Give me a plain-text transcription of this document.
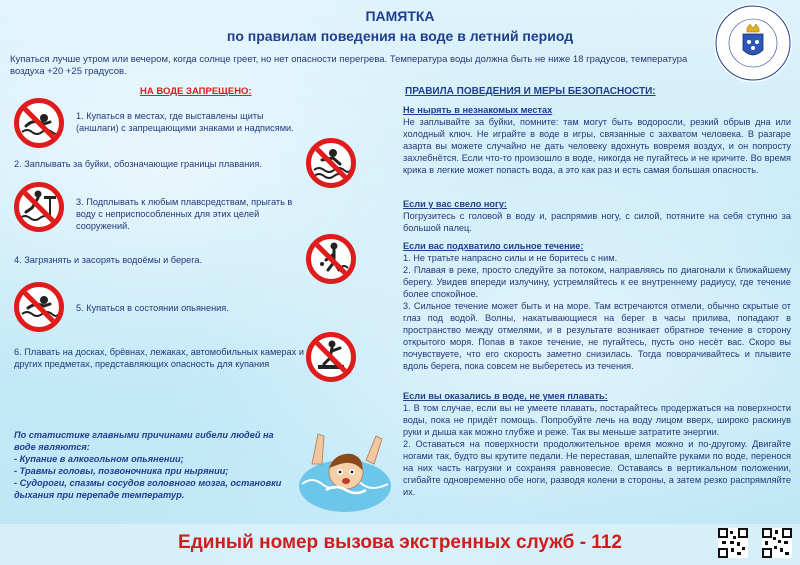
ПАМЯТКА
по правилам поведения на воде в летний период
Купаться лучше утром или вечером, когда солнце греет, но нет опасности перегрева. Температура воды должна быть не ниже 18 градусов, температура воздуха +20 +25 градусов.
НА ВОДЕ ЗАПРЕЩЕНО:
1. Купаться в местах, где выставлены щиты (аншлаги) с запрещающими знаками и надписями.
2. Заплывать за буйки, обозначающие границы плавания.
3. Подплывать к любым плавсредствам, прыгать в воду с неприспособленных для этих целей сооружений.
4. Загрязнять и засорять водоёмы и берега.
5. Купаться в состоянии опьянения.
6. Плавать на досках, брёвнах, лежаках, автомобильных камерах и других предметах, представляющих опасность для купания
По статистике главными причинами гибели людей на воде являются:
- Купание в алкогольном опьянении;
- Травмы головы, позвоночника при нырянии;
- Судороги, спазмы сосудов головного мозга, остановки дыхания при перепаде температур.
ПРАВИЛА ПОВЕДЕНИЯ И МЕРЫ БЕЗОПАСНОСТИ:
Не нырять в незнакомых местах
Не заплывайте за буйки, помните: там могут быть водоросли, резкий обрыв дна или холодный ключ. Не играйте в воде в игры, связанные с захватом человека. В разгаре азарта вы можете случайно не дать человеку вдохнуть вовремя воздух, и он попросту захлебнётся. Если что-то произошло в воде, никогда не пугайтесь и не кричите. Во время крика в легкие может попасть вода, а это как раз и есть самая большая опасность.
Если у вас свело ногу:
Погрузитесь с головой в воду и, распрямив ногу, с силой, потяните на себя ступню за большой палец.
Если вас подхватило сильное течение:
1. Не тратьте напрасно силы и не боритесь с ним.
2. Плавая в реке, просто следуйте за потоком, направляясь по диагонали к ближайшему берегу. Увидев впереди излучину, устремляйтесь к ее внутреннему радиусу, где течение более спокойное.
3. Сильное течение может быть и на море. Там встречаются отмели, обычно скрытые от глаз под водой. Волны, накатывающиеся на берег в часы прилива, попадают в пространство между отмелями, и в результате возникает обратное течение в сторону открытого моря. Попав в такое течение, не пугайтесь, пусть оно несёт вас. Скоро вы почувствуете, что его скорость заметно снизилась. Тогда поворачивайтесь и плывите вдоль берега, пока совсем не выберетесь из течения.
Если вы оказались в воде, не умея плавать:
1. В том случае, если вы не умеете плавать, постарайтесь продержаться на поверхности воды, пока не придёт помощь. Попробуйте лечь на воду лицом вверх, широко раскинув руки и дыша как можно глубже и реже. Так вы меньше затратите энергии.
2. Оставаться на поверхности продолжительное время можно и по-другому. Двигайте ногами так, будто вы крутите педали. Не переставая, шлепайте руками по воде, перенося на них часть нагрузки и сохраняя равновесие. Оставаясь в вертикальном положении, сгибайте одновременно обе ноги, разводя колени в стороны, а затем резко распрямляйте их.
Единый номер вызова экстренных служб - 112
